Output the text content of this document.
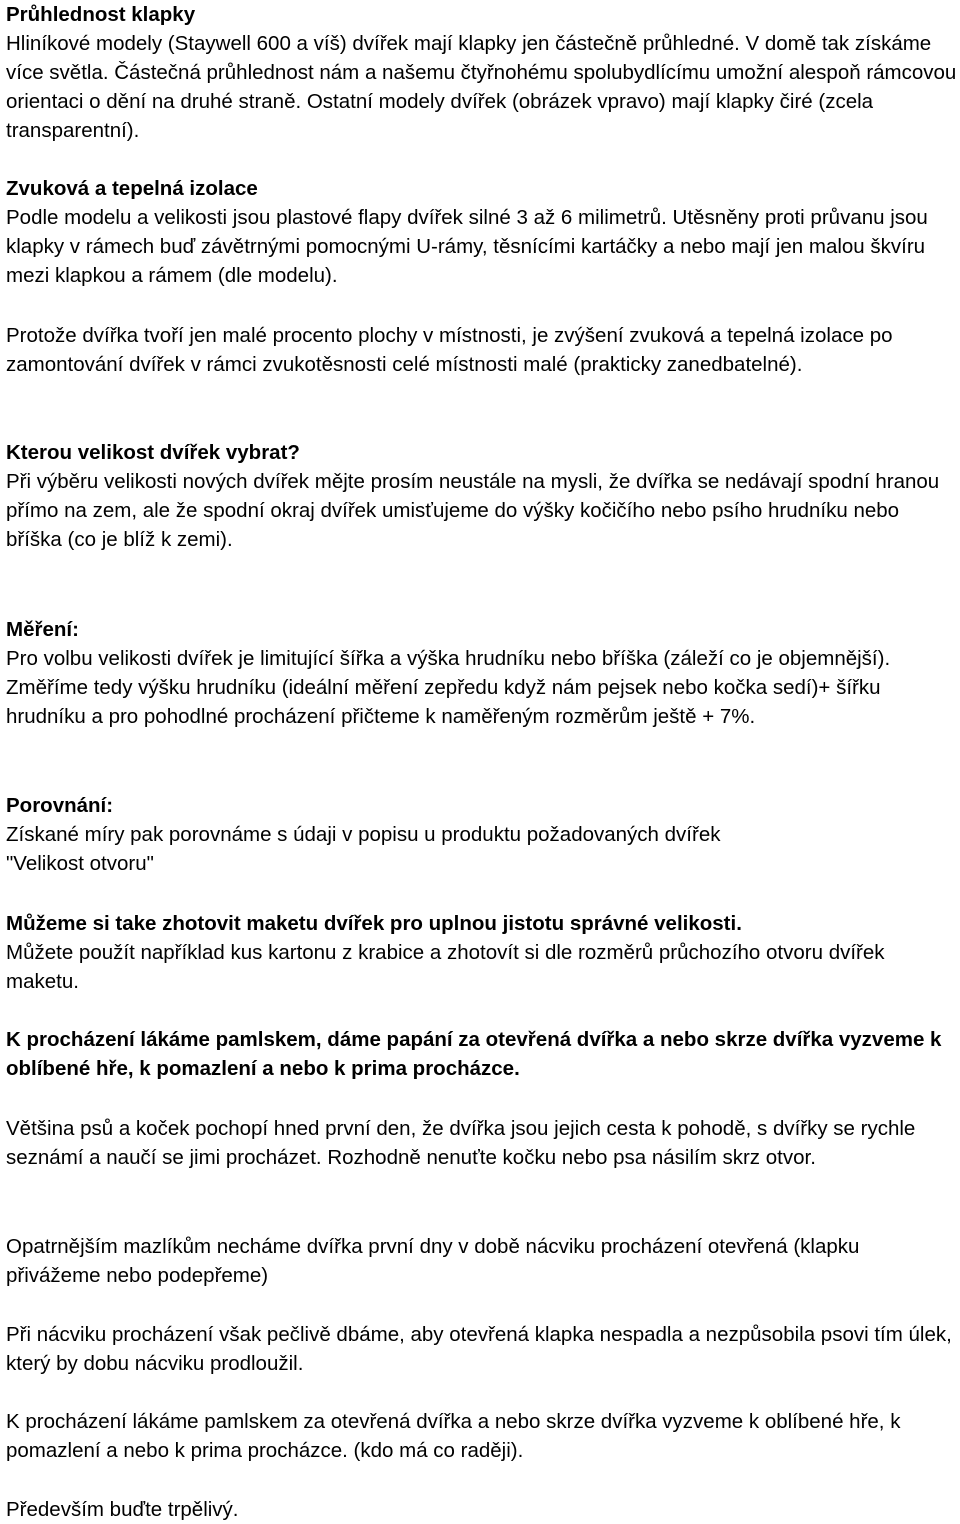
Průhlednost klapky

Hliníkové modely (Staywell 600 a víš) dvířek mají klapky jen částečně průhledné. V domě tak získáme více světla. Částečná průhlednost nám a našemu čtyřnohému spolubydlícímu umožní alespoň rámcovou orientaci o dění na druhé straně. Ostatní modely dvířek (obrázek vpravo) mají klapky čiré (zcela transparentní).

Zvuková a tepelná izolace

Podle modelu a velikosti jsou plastové flapy dvířek silné 3 až 6 milimetrů. Utěsněny proti průvanu jsou klapky v rámech buď závětrnými pomocnými U-rámy, těsnícími kartáčky a nebo mají jen malou škvíru mezi klapkou a rámem (dle modelu).

Protože dvířka tvoří jen malé procento plochy v místnosti, je zvýšení zvuková a tepelná izolace po zamontování dvířek v rámci zvukotěsnosti celé místnosti malé (prakticky zanedbatelné).

Kterou velikost dvířek vybrat?

Při výběru velikosti nových dvířek mějte prosím neustále na mysli, že dvířka se nedávají spodní hranou přímo na zem, ale že spodní okraj dvířek umisťujeme do výšky kočičího nebo psího hrudníku nebo bříška (co je blíž k zemi).

Měření:

Pro volbu velikosti dvířek je limitující šířka a výška hrudníku nebo bříška (záleží co je objemnější). Změříme tedy výšku hrudníku (ideální měření zepředu když nám pejsek nebo kočka sedí)+ šířku hrudníku a pro pohodlné procházení přičteme k naměřeným rozměrům ještě + 7%.

Porovnání:
Získané míry pak porovnáme s údaji v popisu u produktu požadovaných dvířek
"Velikost otvoru"
Můžeme si take zhotovit maketu dvířek pro uplnou jistotu správné velikosti.

Můžete použít například kus kartonu z krabice a zhotovít si dle rozměrů průchozího otvoru dvířek maketu.

K procházení lákáme pamlskem, dáme papání za otevřená dvířka a nebo skrze dvířka vyzveme k oblíbené hře, k pomazlení a nebo k prima procházce.

Většina psů a koček pochopí hned první den, že dvířka jsou jejich cesta k pohodě, s dvířky se rychle seznámí a naučí se jimi procházet. Rozhodně nenuťte kočku nebo psa násilím skrz otvor.

Opatrnějším mazlíkům necháme dvířka první dny v době nácviku procházení otevřená (klapku přivážeme nebo podepřeme)

Při nácviku procházení však pečlivě dbáme, aby otevřená klapka nespadla a nezpůsobila psovi tím úlek, který by dobu nácviku prodloužil.

K procházení lákáme pamlskem za otevřená dvířka a nebo skrze dvířka vyzveme k oblíbené hře, k pomazlení a nebo k prima procházce. (kdo má co raději).

Především buďte trpělivý.
